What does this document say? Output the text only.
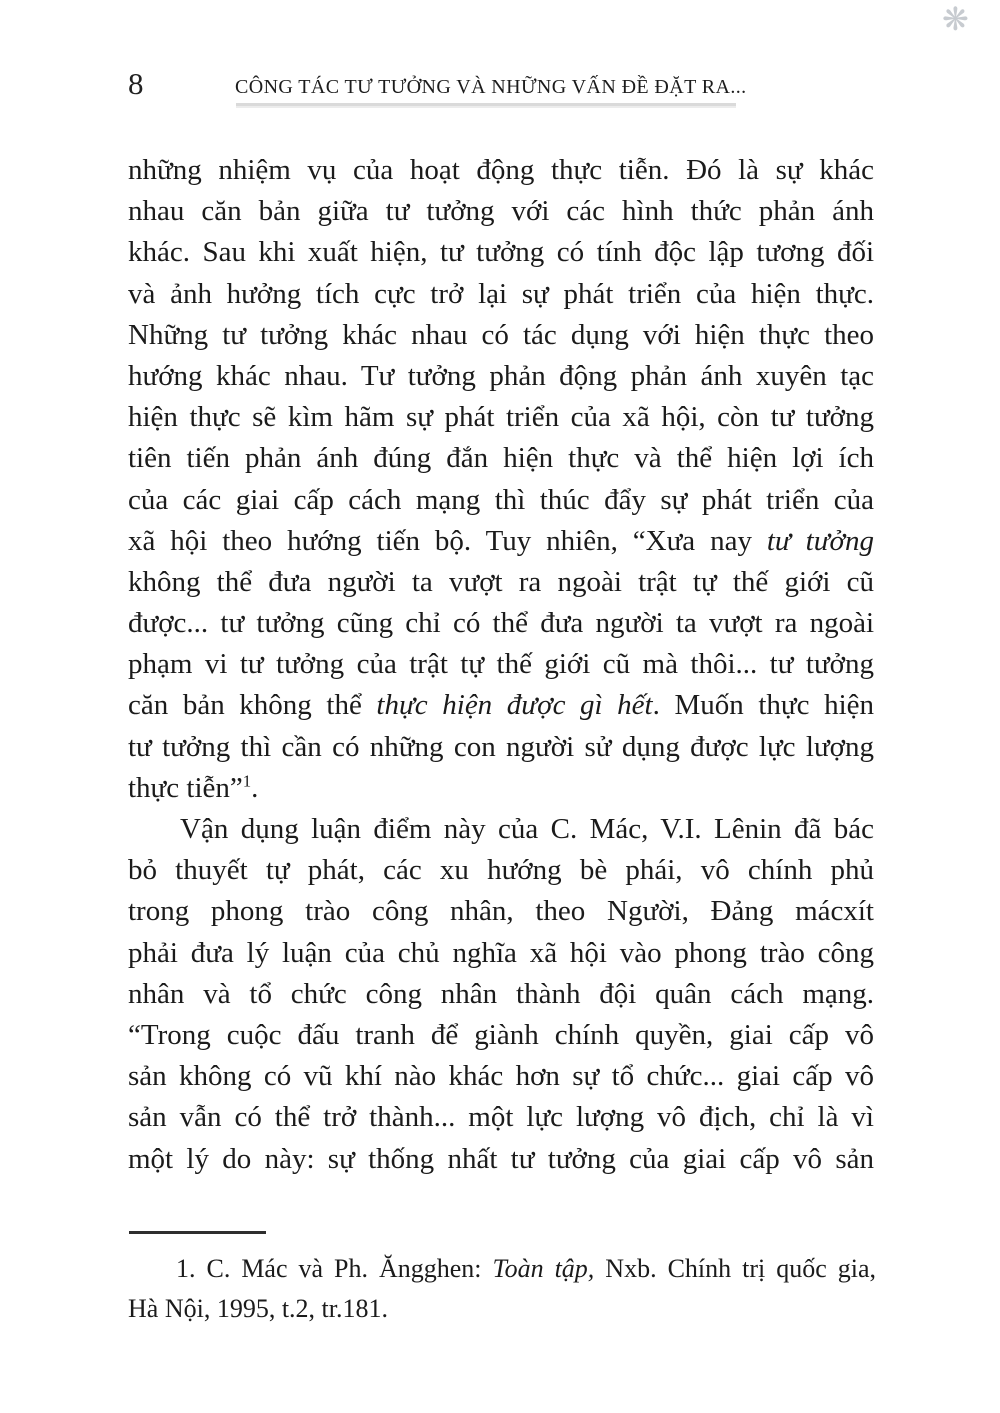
❋
8	CÔNG TÁC TƯ TƯỞNG VÀ NHỮNG VẤN ĐỀ ĐẶT RA...
những nhiệm vụ của hoạt động thực tiễn. Đó là sự khác
nhau căn bản giữa tư tưởng với các hình thức phản ánh
khác. Sau khi xuất hiện, tư tưởng có tính độc lập tương đối
và ảnh hưởng tích cực trở lại sự phát triển của hiện thực.
Những tư tưởng khác nhau có tác dụng với hiện thực theo
hướng khác nhau. Tư tưởng phản động phản ánh xuyên tạc
hiện thực sẽ kìm hãm sự phát triển của xã hội, còn tư tưởng
tiên tiến phản ánh đúng đắn hiện thực và thể hiện lợi ích
của các giai cấp cách mạng thì thúc đẩy sự phát triển của
xã hội theo hướng tiến bộ. Tuy nhiên, “Xưa nay tư tưởng
không thể đưa người ta vượt ra ngoài trật tự thế giới cũ
được... tư tưởng cũng chỉ có thể đưa người ta vượt ra ngoài
phạm vi tư tưởng của trật tự thế giới cũ mà thôi... tư tưởng
căn bản không thể thực hiện được gì hết. Muốn thực hiện
tư tưởng thì cần có những con người sử dụng được lực lượng
thực tiễn”$^1$.
Vận dụng luận điểm này của C. Mác, V.I. Lênin đã bác
bỏ thuyết tự phát, các xu hướng bè phái, vô chính phủ
trong phong trào công nhân, theo Người, Đảng mácxít
phải đưa lý luận của chủ nghĩa xã hội vào phong trào công
nhân và tổ chức công nhân thành đội quân cách mạng.
“Trong cuộc đấu tranh để giành chính quyền, giai cấp vô
sản không có vũ khí nào khác hơn sự tổ chức... giai cấp vô
sản vẫn có thể trở thành... một lực lượng vô địch, chỉ là vì
một lý do này: sự thống nhất tư tưởng của giai cấp vô sản
1. C. Mác và Ph. Ăngghen: Toàn tập, Nxb. Chính trị quốc gia,
Hà Nội, 1995, t.2, tr.181.
